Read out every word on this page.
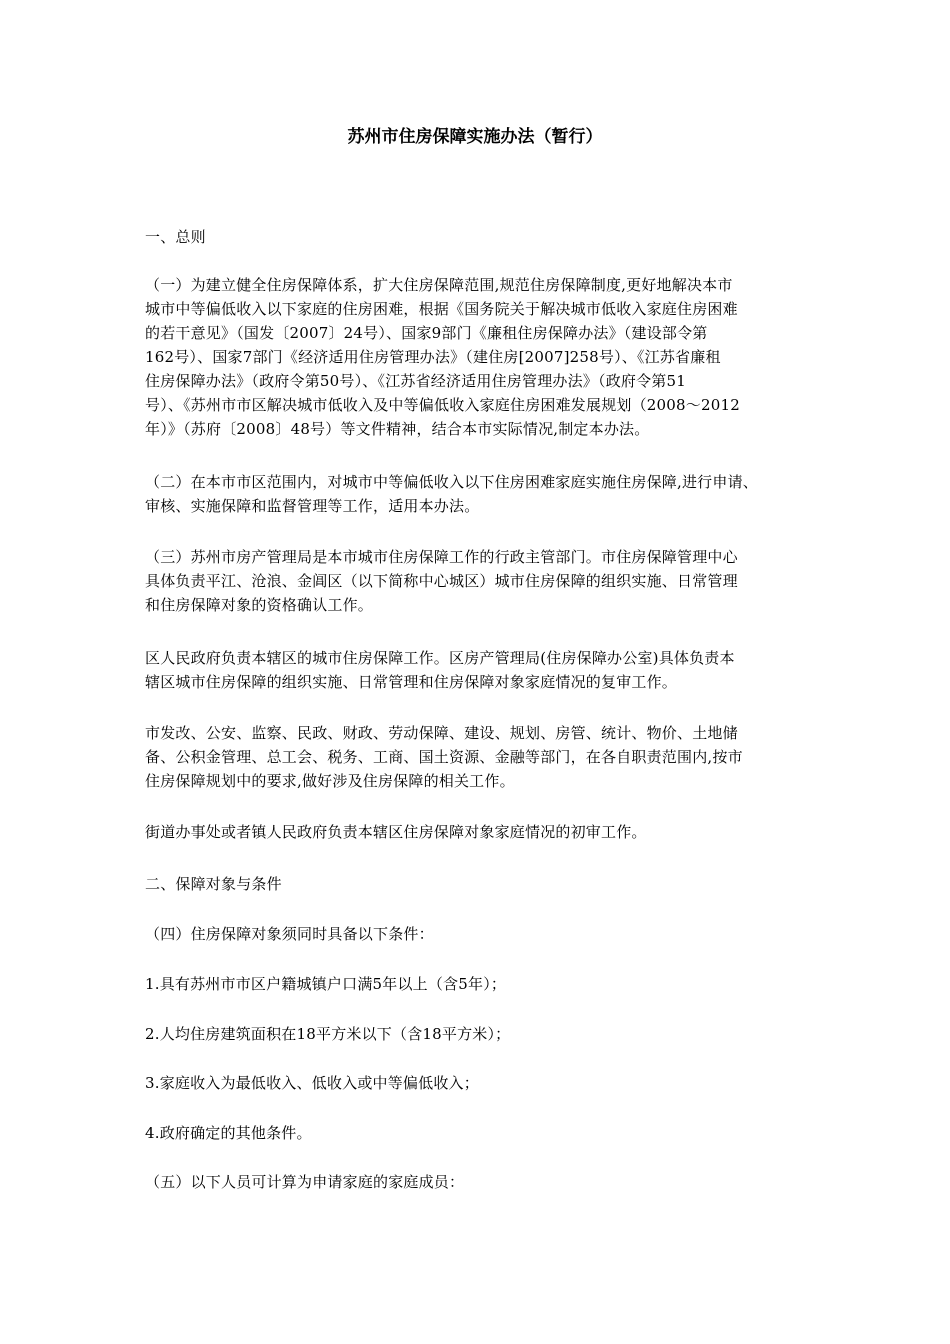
苏州市住房保障实施办法（暂行）
一、总则
（一）为建立健全住房保障体系，扩大住房保障范围,规范住房保障制度,更好地解决本市
城市中等偏低收入以下家庭的住房困难，根据《国务院关于解决城市低收入家庭住房困难
的若干意见》（国发〔2007〕24号）、国家9部门《廉租住房保障办法》（建设部令第
162号）、国家7部门《经济适用住房管理办法》（建住房[2007]258号）、《江苏省廉租
住房保障办法》（政府令第50号）、《江苏省经济适用住房管理办法》（政府令第51
号）、《苏州市市区解决城市低收入及中等偏低收入家庭住房困难发展规划（2008～2012
年）》（苏府〔2008〕48号）等文件精神，结合本市实际情况,制定本办法。
（二）在本市市区范围内，对城市中等偏低收入以下住房困难家庭实施住房保障,进行申请、
审核、实施保障和监督管理等工作，适用本办法。
（三）苏州市房产管理局是本市城市住房保障工作的行政主管部门。市住房保障管理中心
具体负责平江、沧浪、金阊区（以下简称中心城区）城市住房保障的组织实施、日常管理
和住房保障对象的资格确认工作。
区人民政府负责本辖区的城市住房保障工作。区房产管理局(住房保障办公室)具体负责本
辖区城市住房保障的组织实施、日常管理和住房保障对象家庭情况的复审工作。
市发改、公安、监察、民政、财政、劳动保障、建设、规划、房管、统计、物价、土地储
备、公积金管理、总工会、税务、工商、国土资源、金融等部门，在各自职责范围内,按市
住房保障规划中的要求,做好涉及住房保障的相关工作。
街道办事处或者镇人民政府负责本辖区住房保障对象家庭情况的初审工作。
二、保障对象与条件
（四）住房保障对象须同时具备以下条件：
1.具有苏州市市区户籍城镇户口满5年以上（含5年）；
2.人均住房建筑面积在18平方米以下（含18平方米）；
3.家庭收入为最低收入、低收入或中等偏低收入；
4.政府确定的其他条件。
（五）以下人员可计算为申请家庭的家庭成员：
